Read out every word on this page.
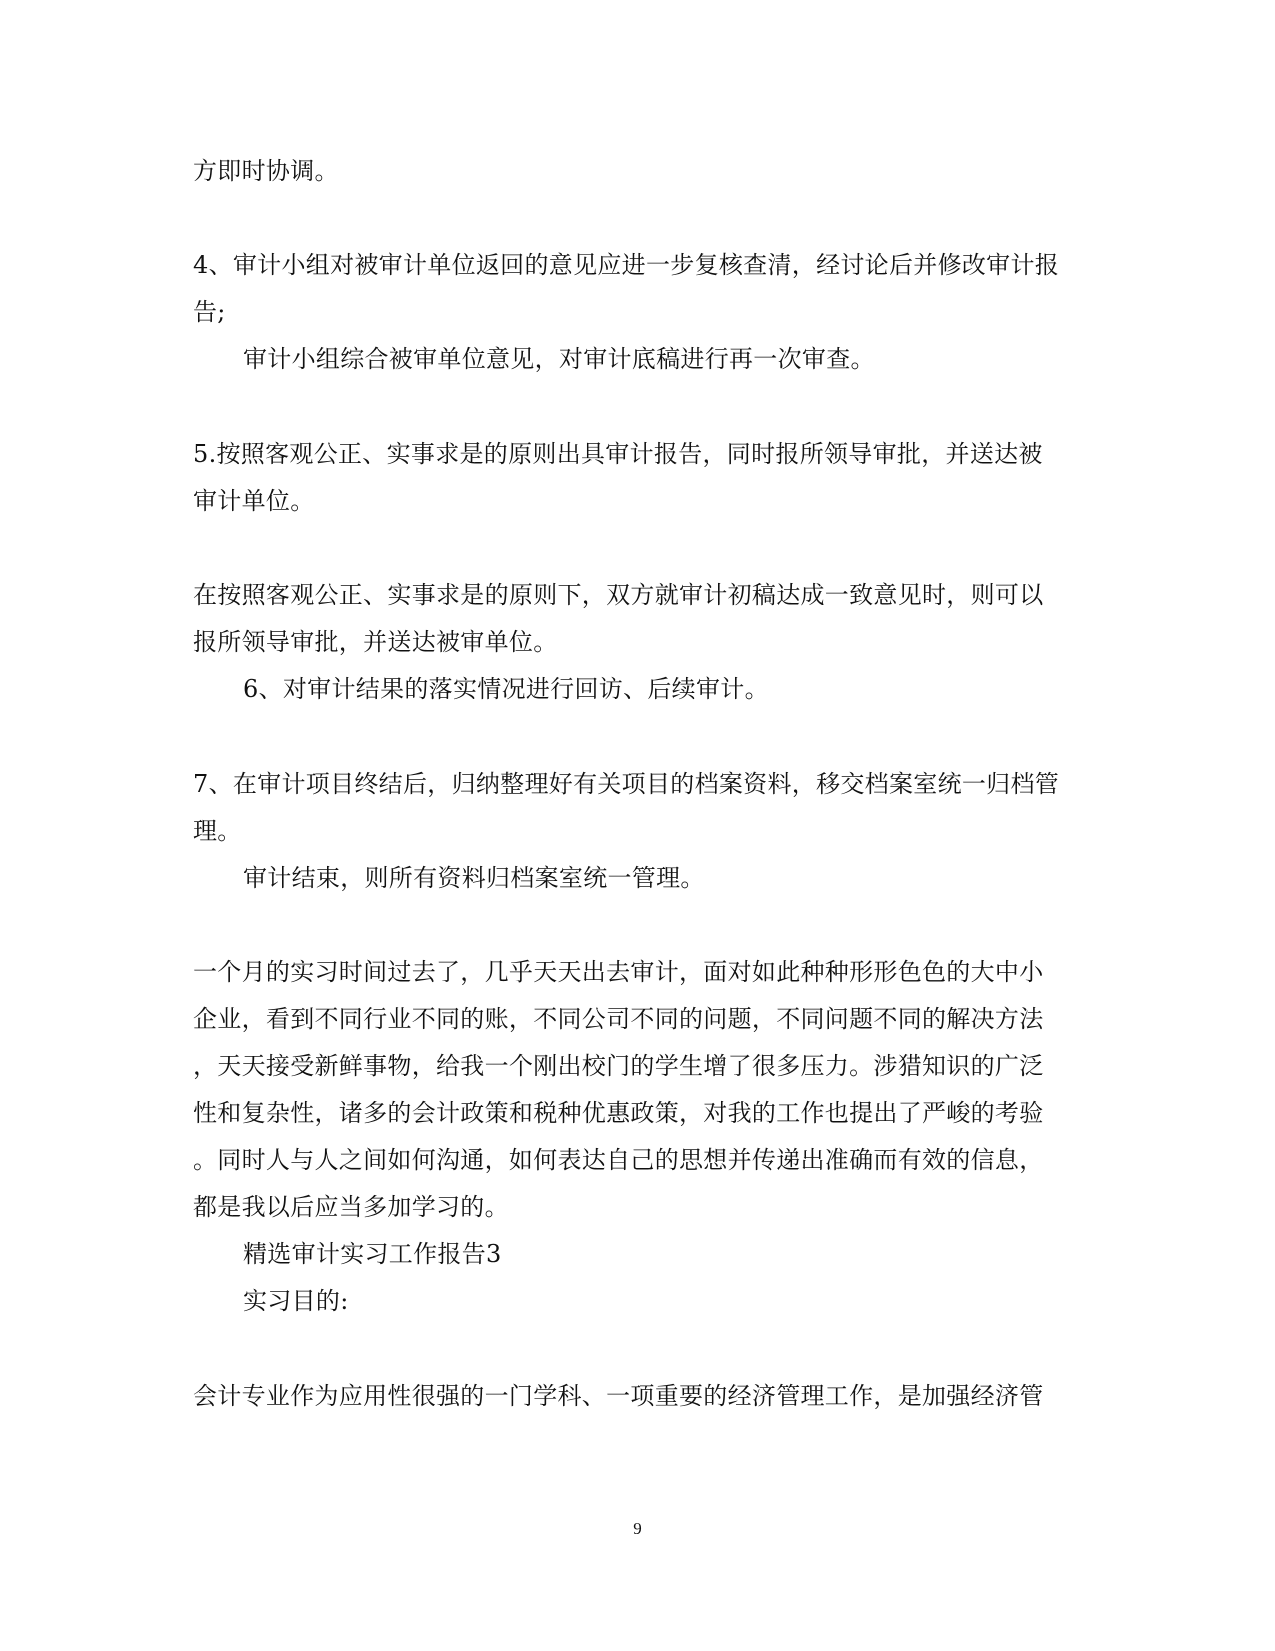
方即时协调。
4、审计小组对被审计单位返回的意见应进一步复核查清，经讨论后并修改审计报
告;
审计小组综合被审单位意见，对审计底稿进行再一次审查。
5.按照客观公正、实事求是的原则出具审计报告，同时报所领导审批，并送达被
审计单位。
在按照客观公正、实事求是的原则下，双方就审计初稿达成一致意见时，则可以
报所领导审批，并送达被审单位。
6、对审计结果的落实情况进行回访、后续审计。
7、在审计项目终结后，归纳整理好有关项目的档案资料，移交档案室统一归档管
理。
审计结束，则所有资料归档案室统一管理。
一个月的实习时间过去了，几乎天天出去审计，面对如此种种形形色色的大中小
企业，看到不同行业不同的账，不同公司不同的问题，不同问题不同的解决方法
，天天接受新鲜事物，给我一个刚出校门的学生增了很多压力。涉猎知识的广泛
性和复杂性，诸多的会计政策和税种优惠政策，对我的工作也提出了严峻的考验
。同时人与人之间如何沟通，如何表达自己的思想并传递出准确而有效的信息，
都是我以后应当多加学习的。
精选审计实习工作报告3
实习目的:
会计专业作为应用性很强的一门学科、一项重要的经济管理工作，是加强经济管
9
